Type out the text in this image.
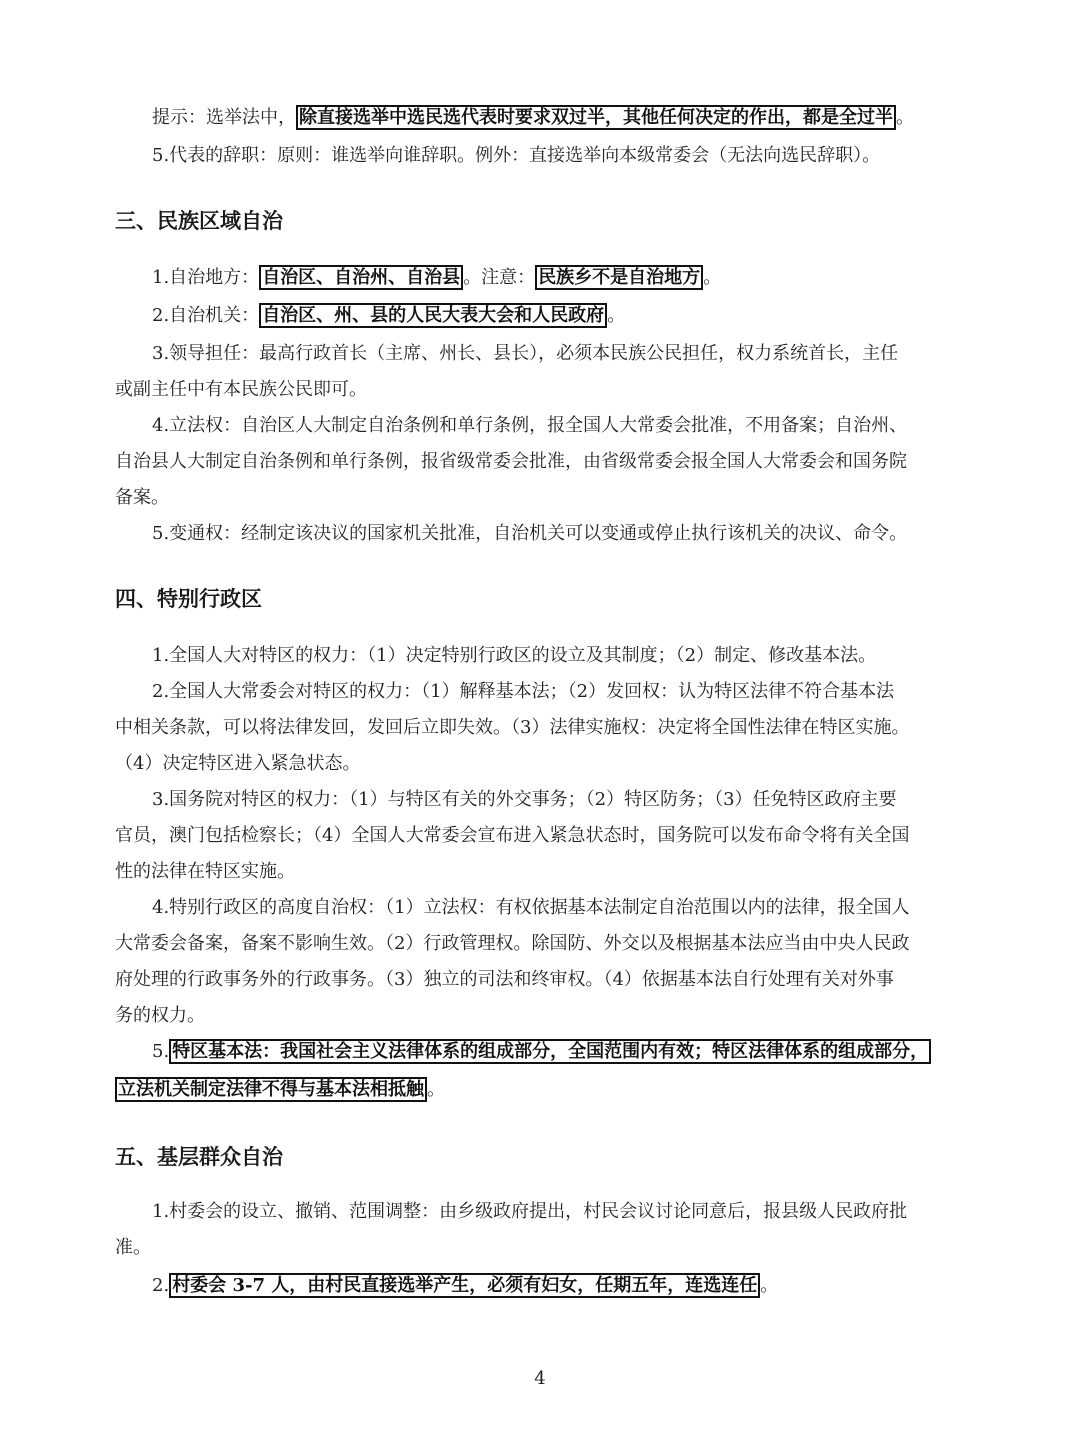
提示：选举法中， 除直接选举中选民选代表时要求双过半，其他任何决定的作出，都是全过半 。
5.代表的辞职：原则：谁选举向谁辞职。例外：直接选举向本级常委会（无法向选民辞职）。
三、民族区域自治
1.自治地方： 自治区、自治州、自治县 。注意： 民族乡不是自治地方 。
2.自治机关： 自治区、州、县的人民大表大会和人民政府 。
3.领导担任：最高行政首长（主席、州长、县长），必须本民族公民担任，权力系统首长，主任
或副主任中有本民族公民即可。
4.立法权：自治区人大制定自治条例和单行条例，报全国人大常委会批准，不用备案；自治州、
自治县人大制定自治条例和单行条例，报省级常委会批准，由省级常委会报全国人大常委会和国务院
备案。
5.变通权：经制定该决议的国家机关批准，自治机关可以变通或停止执行该机关的决议、命令。
四、特别行政区
1.全国人大对特区的权力：（1）决定特别行政区的设立及其制度；（2）制定、修改基本法。
2.全国人大常委会对特区的权力：（1）解释基本法；（2）发回权：认为特区法律不符合基本法
中相关条款，可以将法律发回，发回后立即失效。（3）法律实施权：决定将全国性法律在特区实施。
（4）决定特区进入紧急状态。
3.国务院对特区的权力：（1）与特区有关的外交事务；（2）特区防务；（3）任免特区政府主要
官员，澳门包括检察长；（4）全国人大常委会宣布进入紧急状态时，国务院可以发布命令将有关全国
性的法律在特区实施。
4.特别行政区的高度自治权：（1）立法权：有权依据基本法制定自治范围以内的法律，报全国人
大常委会备案，备案不影响生效。（2）行政管理权。除国防、外交以及根据基本法应当由中央人民政
府处理的行政事务外的行政事务。（3）独立的司法和终审权。（4）依据基本法自行处理有关对外事
务的权力。
5. 特区基本法：我国社会主义法律体系的组成部分，全国范围内有效；特区法律体系的组成部分，
立法机关制定法律不得与基本法相抵触 。
五、基层群众自治
1.村委会的设立、撤销、范围调整：由乡级政府提出，村民会议讨论同意后，报县级人民政府批
准。
2. 村委会 3-7 人，由村民直接选举产生，必须有妇女，任期五年，连选连任 。
4
